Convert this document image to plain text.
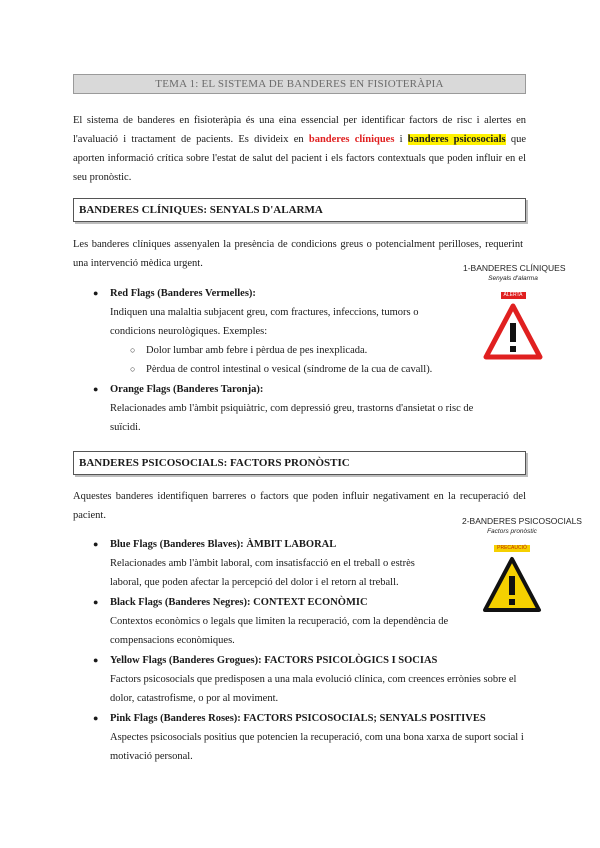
TEMA 1: EL SISTEMA DE BANDERES EN FISIOTERÀPIA

El sistema de banderes en fisioteràpia és una eina essencial per identificar factors de risc i alertes en l'avaluació i tractament de pacients. Es divideix en banderes clíniques i banderes psicosocials que aporten informació crítica sobre l'estat de salut del pacient i els factors contextuals que poden influir en el seu pronòstic.

BANDERES CLÍNIQUES: SENYALS D'ALARMA

Les banderes clíniques assenyalen la presència de condicions greus o potencialment perilloses, requerint una intervenció mèdica urgent.	1-BANDERES CLÍNIQUES
Senyals d'alarma
ALERTA
● Red Flags (Banderes Vermelles):

Indiquen una malaltia subjacent greu, com fractures, infeccions, tumors o condicions neurològiques. Exemples:

○ Dolor lumbar amb febre i pèrdua de pes inexplicada.
○ Pèrdua de control intestinal o vesical (síndrome de la cua de cavall).
● Orange Flags (Banderes Taronja):

Relacionades amb l'àmbit psiquiàtric, com depressió greu, trastorns d'ansietat o risc de suïcidi.

BANDERES PSICOSOCIALS: FACTORS PRONÒSTIC

Aquestes banderes identifiquen barreres o factors que poden influir negativament en la recuperació del pacient.	2-BANDERES PSICOSOCIALS
Factors pronòstic
PRECAUCIÓ
● Blue Flags (Banderes Blaves): ÀMBIT LABORAL

Relacionades amb l'àmbit laboral, com insatisfacció en el treball o estrès laboral, que poden afectar la percepció del dolor i el retorn al treball.

● Black Flags (Banderes Negres): CONTEXT ECONÒMIC

Contextos econòmics o legals que limiten la recuperació, com la dependència de compensacions econòmiques.

● Yellow Flags (Banderes Grogues): FACTORS PSICOLÒGICS I SOCIAS

Factors psicosocials que predisposen a una mala evolució clínica, com creences errònies sobre el dolor, catastrofisme, o por al moviment.

● Pink Flags (Banderes Roses): FACTORS PSICOSOCIALS; SENYALS POSITIVES

Aspectes psicosocials positius que potencien la recuperació, com una bona xarxa de suport social i motivació personal.
